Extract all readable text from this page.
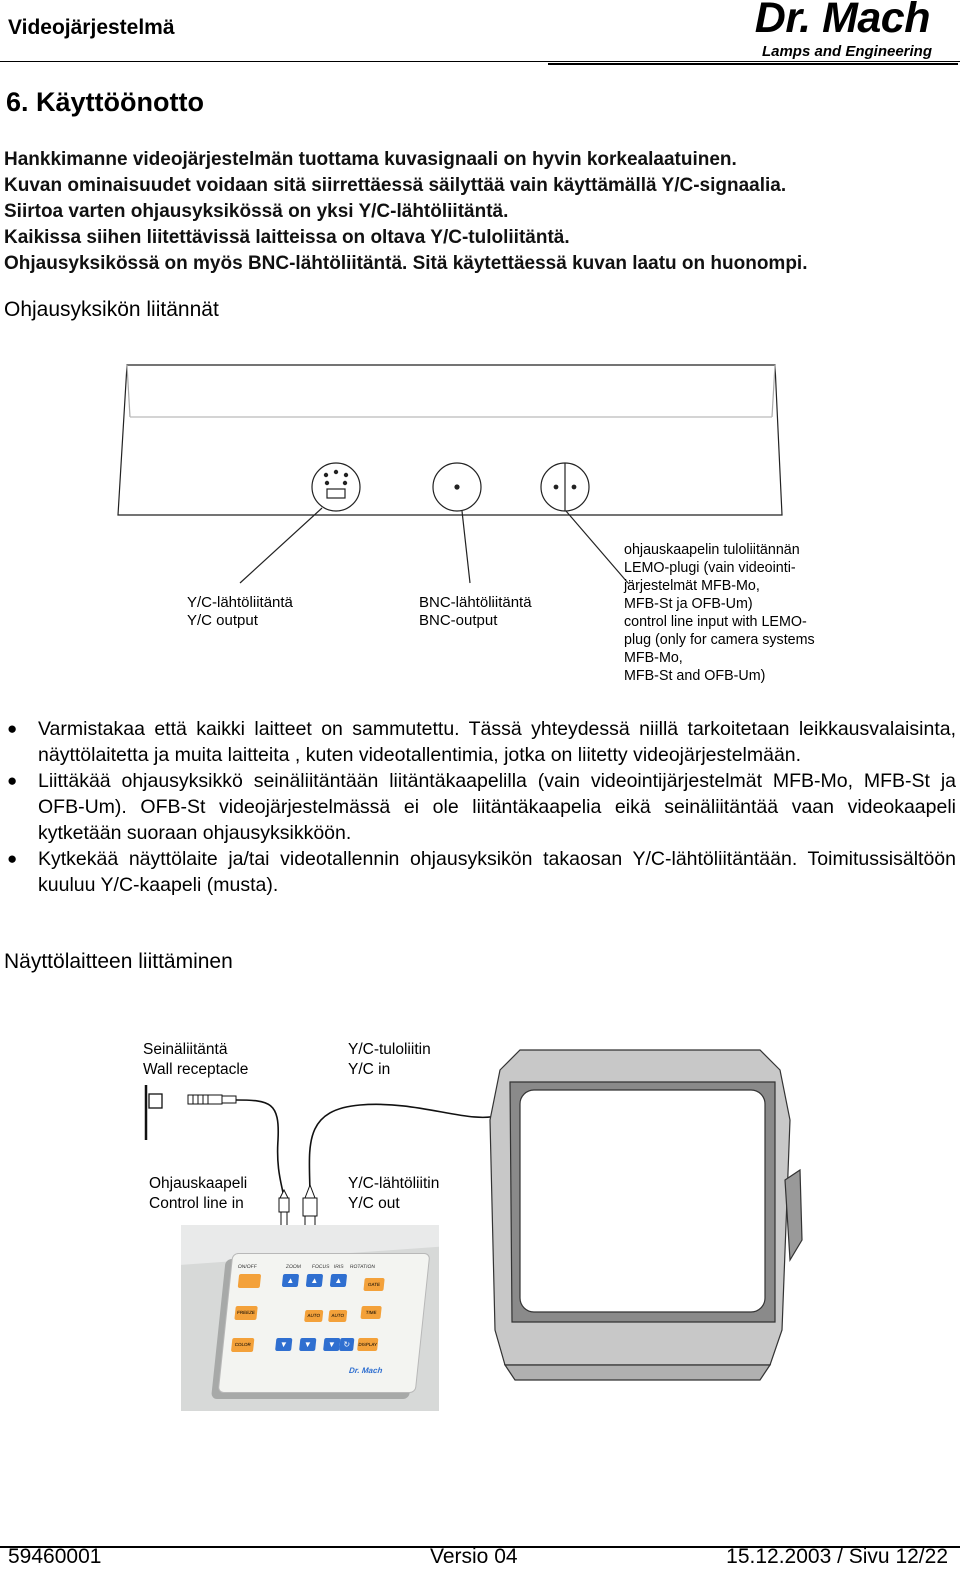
Videojärjestelmä	Dr. Mach
Lamps and Engineering
6. Käyttöönotto
Hankkimanne videojärjestelmän tuottama kuvasignaali on hyvin korkealaatuinen.
Kuvan ominaisuudet voidaan sitä siirrettäessä säilyttää vain käyttämällä Y/C-signaalia.
Siirtoa varten ohjausyksikössä on yksi Y/C-lähtöliitäntä.
Kaikissa siihen liitettävissä laitteissa on oltava Y/C-tuloliitäntä.
Ohjausyksikössä on myös BNC-lähtöliitäntä. Sitä käytettäessä kuvan laatu on huonompi.
Ohjausyksikön liitännät
Y/C-lähtöliitäntä
Y/C output
BNC-lähtöliitäntä
BNC-output
ohjauskaapelin tuloliitännän
LEMO-plugi (vain videointi-
järjestelmät MFB-Mo,
MFB-St ja OFB-Um)
control line input with LEMO-
plug (only for camera systems
MFB-Mo,
MFB-St and OFB-Um)
● Varmistakaa että kaikki laitteet on sammutettu. Tässä yhteydessä niillä tarkoitetaan leikkausvalaisinta, näyttölaitetta ja muita laitteita , kuten videotallentimia, jotka on liitetty videojärjestelmään.
● Liittäkää ohjausyksikkö seinäliitäntään liitäntäkaapelilla (vain videointijärjestelmät MFB-Mo, MFB-St ja OFB-Um). OFB-St videojärjestelmässä ei ole liitäntäkaapelia eikä seinäliitäntää vaan videokaapeli kytketään suoraan ohjausyksikköön.
● Kytkekää näyttölaite ja/tai videotallennin ohjausyksikön takaosan Y/C-lähtöliitäntään. Toimitussisältöön kuuluu Y/C-kaapeli (musta).
Näyttölaitteen liittäminen
Seinäliitäntä
Wall receptacle
Y/C-tuloliitin
Y/C in
Ohjauskaapeli
Control line in
Y/C-lähtöliitin
Y/C out
ON/OFF	ZOOM FOCUS IRIS ROTATION
FREEZE
COLOR
GATE
TIME
AUTO	AUTO
DISPLAY
▲	▲	▲
▼	▼	▼ ↻
Dr. Mach
59460001	Versio 04	15.12.2003 / Sivu 12/22
